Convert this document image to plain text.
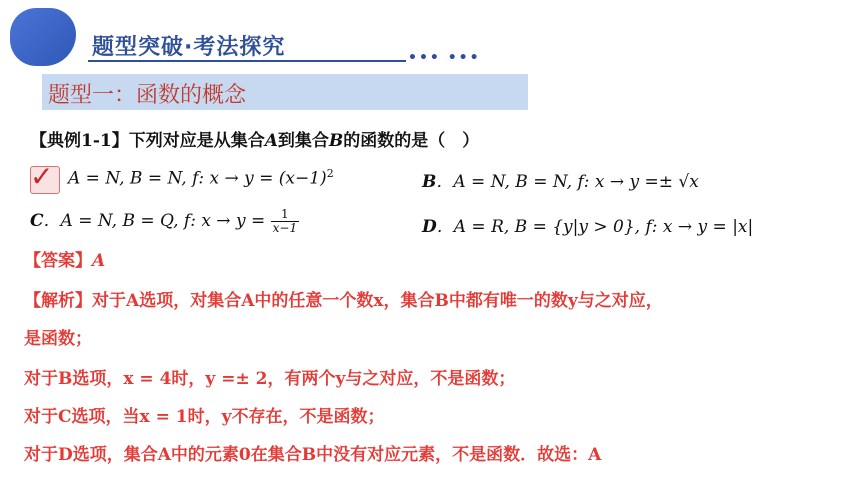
题型突破·考法探究	••• •••
题型一：函数的概念
【典例1-1】下列对应是从集合A到集合B的函数的是（　）
✓ A = N, B = N, f: $x \to y = (x-1)^2$	B．A = N, B = N, f: x → y =± √x
C．A = N, B = Q, f: $x \to y = \frac{1}{x-1}$	D．A = R, B = {y|y > 0}, f: x → y = |x|
【答案】A
【解析】对于A选项，对集合A中的任意一个数x，集合B中都有唯一的数y与之对应，
是函数；
对于B选项，x = 4时，y =± 2，有两个y与之对应，不是函数；
对于C选项，当x = 1时，y不存在，不是函数；
对于D选项，集合A中的元素0在集合B中没有对应元素，不是函数．故选：A
